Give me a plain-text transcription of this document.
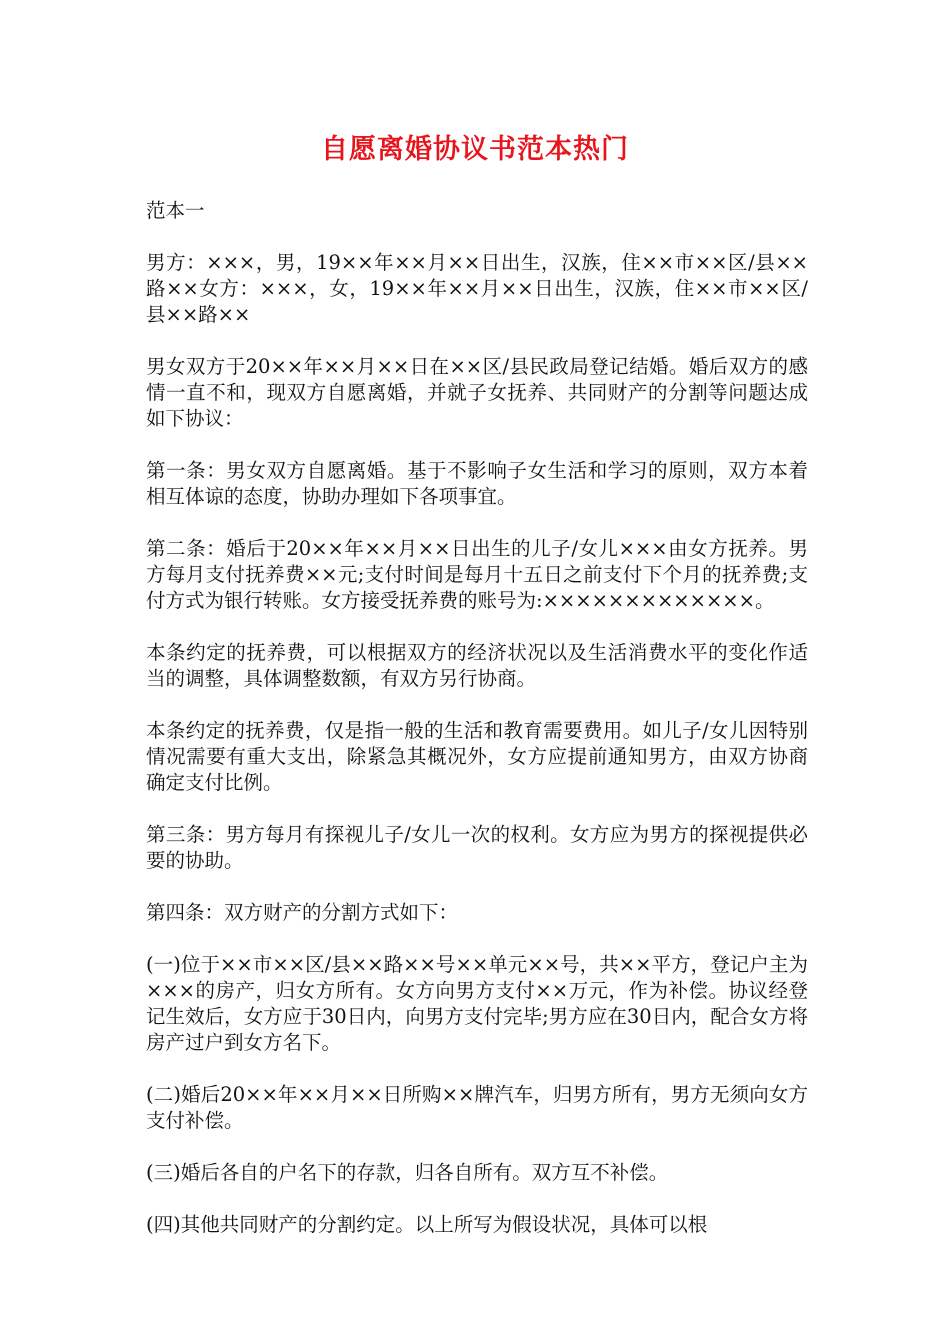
自愿离婚协议书范本热门

范本一

男方：×××，男，19××年××月××日出生，汉族，住××市××区/县××路××女方：×××，女，19××年××月××日出生，汉族，住××市××区/县××路××

男女双方于20××年××月××日在××区/县民政局登记结婚。婚后双方的感情一直不和，现双方自愿离婚，并就子女抚养、共同财产的分割等问题达成如下协议：

第一条：男女双方自愿离婚。基于不影响子女生活和学习的原则，双方本着相互体谅的态度，协助办理如下各项事宜。

第二条：婚后于20××年××月××日出生的儿子/女儿×××由女方抚养。男方每月支付抚养费××元;支付时间是每月十五日之前支付下个月的抚养费;支付方式为银行转账。女方接受抚养费的账号为:×××××××××××××。

本条约定的抚养费，可以根据双方的经济状况以及生活消费水平的变化作适当的调整，具体调整数额，有双方另行协商。

本条约定的抚养费，仅是指一般的生活和教育需要费用。如儿子/女儿因特别情况需要有重大支出，除紧急其概况外，女方应提前通知男方，由双方协商确定支付比例。

第三条：男方每月有探视儿子/女儿一次的权利。女方应为男方的探视提供必要的协助。

第四条：双方财产的分割方式如下：

(一)位于××市××区/县××路××号××单元××号，共××平方，登记户主为×××的房产，归女方所有。女方向男方支付××万元，作为补偿。协议经登记生效后，女方应于30日内，向男方支付完毕;男方应在30日内，配合女方将房产过户到女方名下。

(二)婚后20××年××月××日所购××牌汽车，归男方所有，男方无须向女方支付补偿。

(三)婚后各自的户名下的存款，归各自所有。双方互不补偿。

(四)其他共同财产的分割约定。以上所写为假设状况，具体可以根
